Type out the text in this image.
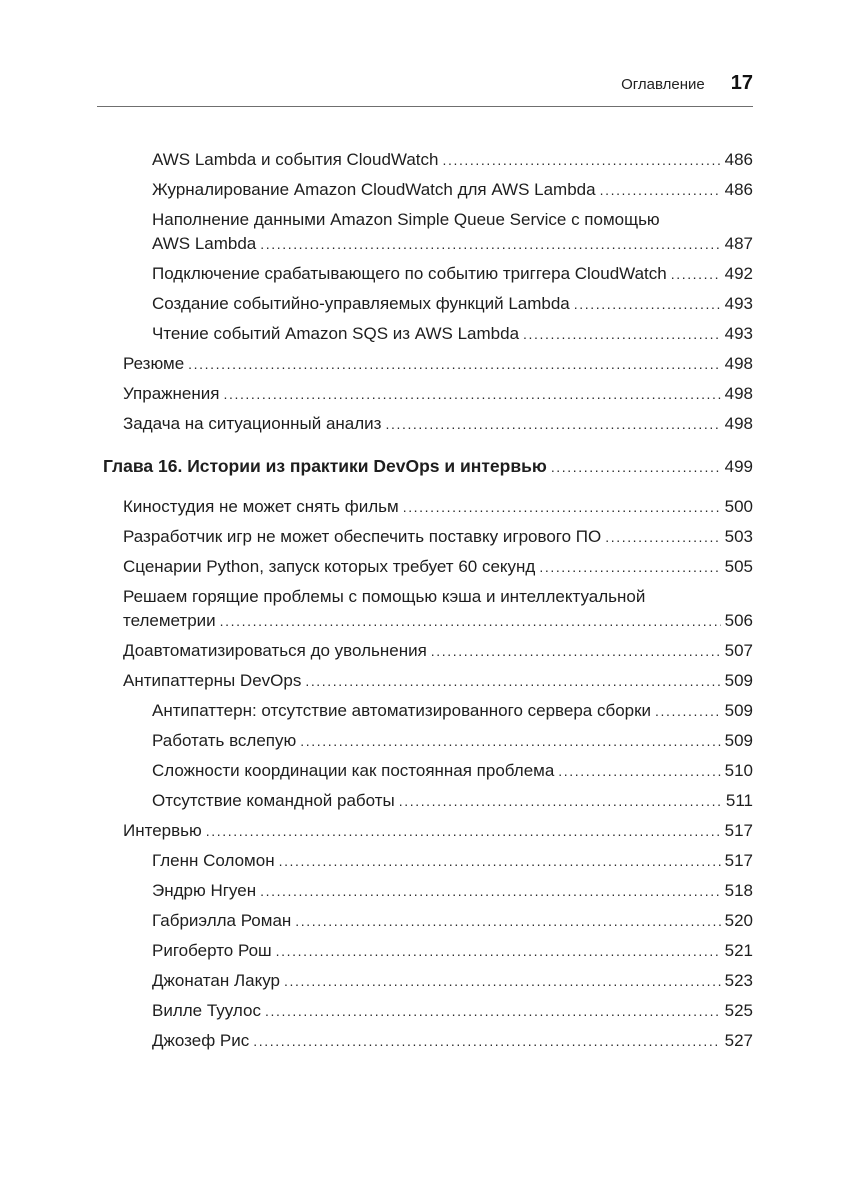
Оглавление 17
AWS Lambda и события CloudWatch .....	486
Журналирование Amazon CloudWatch для AWS Lambda .....	486
Наполнение данными Amazon Simple Queue Service с помощью
AWS Lambda .....	487
Подключение срабатывающего по событию триггера CloudWatch .....	492
Создание событийно-управляемых функций Lambda .....	493
Чтение событий Amazon SQS из AWS Lambda .....	493
Резюме .....	498
Упражнения .....	498
Задача на ситуационный анализ .....	498
Глава 16. Истории из практики DevOps и интервью .....	499
Киностудия не может снять фильм .....	500
Разработчик игр не может обеспечить поставку игрового ПО .....	503
Сценарии Python, запуск которых требует 60 секунд .....	505
Решаем горящие проблемы с помощью кэша и интеллектуальной
телеметрии .....	506
Доавтоматизироваться до увольнения .....	507
Антипаттерны DevOps .....	509
Антипаттерн: отсутствие автоматизированного сервера сборки .....	509
Работать вслепую .....	509
Сложности координации как постоянная проблема .....	510
Отсутствие командной работы .....	511
Интервью .....	517
Гленн Соломон .....	517
Эндрю Нгуен .....	518
Габриэлла Роман .....	520
Ригоберто Рош .....	521
Джонатан Лакур .....	523
Вилле Туулос .....	525
Джозеф Рис .....	527
